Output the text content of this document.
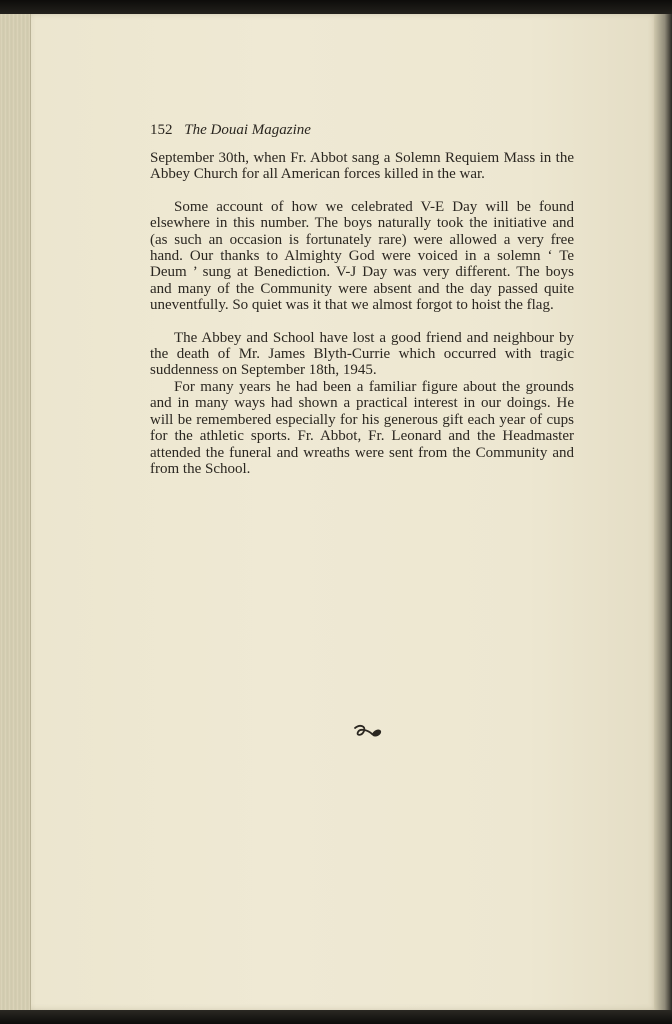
152 The Douai Magazine

September 30th, when Fr. Abbot sang a Solemn Requiem Mass in the Abbey Church for all American forces killed in the war.

Some account of how we celebrated V-E Day will be found elsewhere in this number. The boys naturally took the initiative and (as such an occasion is fortunately rare) were allowed a very free hand. Our thanks to Almighty God were voiced in a solemn ‘ Te Deum ’ sung at Benediction. V-J Day was very different. The boys and many of the Community were absent and the day passed quite uneventfully. So quiet was it that we almost forgot to hoist the flag.

The Abbey and School have lost a good friend and neighbour by the death of Mr. James Blyth-Currie which occurred with tragic suddenness on September 18th, 1945.

For many years he had been a familiar figure about the grounds and in many ways had shown a practical interest in our doings. He will be remembered especially for his generous gift each year of cups for the athletic sports. Fr. Abbot, Fr. Leonard and the Headmaster attended the funeral and wreaths were sent from the Community and from the School.
